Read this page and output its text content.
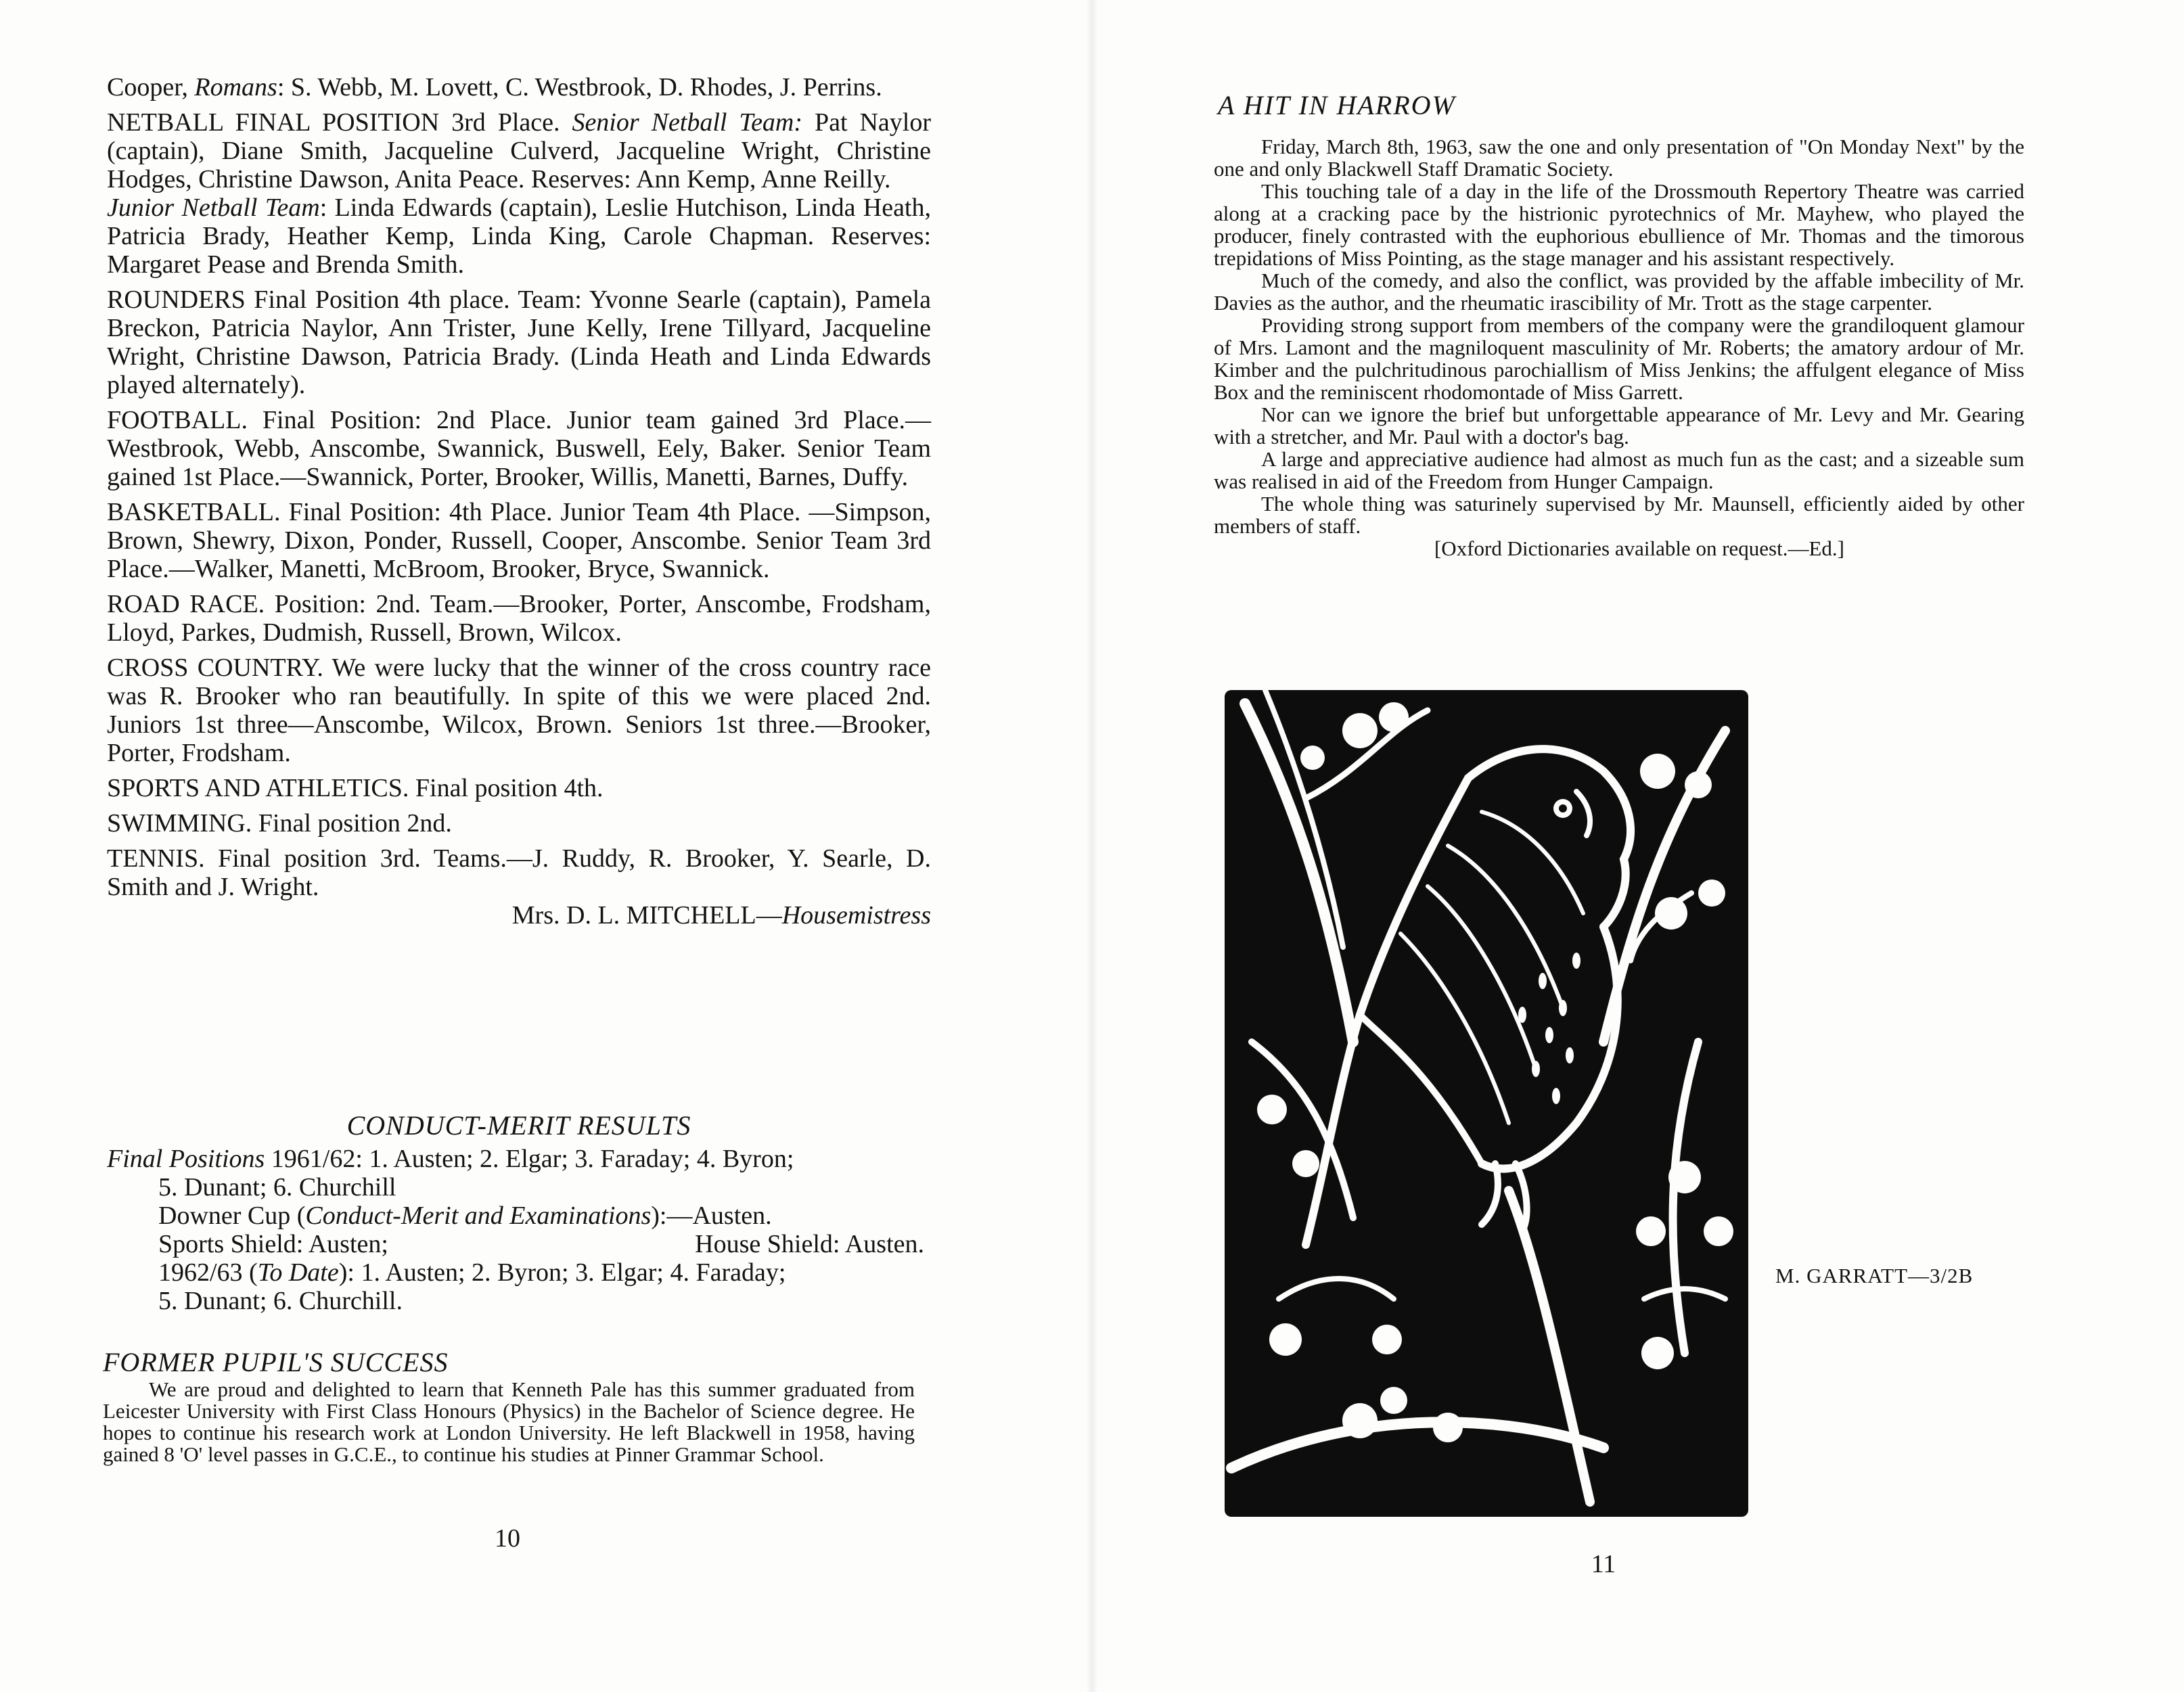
Cooper, Romans: S. Webb, M. Lovett, C. Westbrook, D. Rhodes, J. Perrins.

NETBALL FINAL POSITION 3rd Place. Senior Netball Team: Pat Naylor (captain), Diane Smith, Jacqueline Culverd, Jacqueline Wright, Christine Hodges, Christine Dawson, Anita Peace. Reserves: Ann Kemp, Anne Reilly.

Junior Netball Team: Linda Edwards (captain), Leslie Hutchison, Linda Heath, Patricia Brady, Heather Kemp, Linda King, Carole Chapman. Reserves: Margaret Pease and Brenda Smith.

ROUNDERS Final Position 4th place. Team: Yvonne Searle (captain), Pamela Breckon, Patricia Naylor, Ann Trister, June Kelly, Irene Tillyard, Jacqueline Wright, Christine Dawson, Patricia Brady. (Linda Heath and Linda Edwards played alternately).

FOOTBALL. Final Position: 2nd Place. Junior team gained 3rd Place.—Westbrook, Webb, Anscombe, Swannick, Buswell, Eely, Baker. Senior Team gained 1st Place.—Swannick, Porter, Brooker, Willis, Manetti, Barnes, Duffy.

BASKETBALL. Final Position: 4th Place. Junior Team 4th Place. —Simpson, Brown, Shewry, Dixon, Ponder, Russell, Cooper, Anscombe. Senior Team 3rd Place.—Walker, Manetti, McBroom, Brooker, Bryce, Swannick.

ROAD RACE. Position: 2nd. Team.—Brooker, Porter, Anscombe, Frodsham, Lloyd, Parkes, Dudmish, Russell, Brown, Wilcox.

CROSS COUNTRY. We were lucky that the winner of the cross country race was R. Brooker who ran beautifully. In spite of this we were placed 2nd. Juniors 1st three—Anscombe, Wilcox, Brown. Seniors 1st three.—Brooker, Porter, Frodsham.

SPORTS AND ATHLETICS. Final position 4th.

SWIMMING. Final position 2nd.

TENNIS. Final position 3rd. Teams.—J. Ruddy, R. Brooker, Y. Searle, D. Smith and J. Wright.

Mrs. D. L. MITCHELL—Housemistress
CONDUCT-MERIT RESULTS
Final Positions 1961/62: 1. Austen; 2. Elgar; 3. Faraday; 4. Byron;
5. Dunant; 6. Churchill
Downer Cup (Conduct-Merit and Examinations):—Austen.
Sports Shield: Austen;	House Shield: Austen.
1962/63 (To Date): 1. Austen; 2. Byron; 3. Elgar; 4. Faraday;
5. Dunant; 6. Churchill.
FORMER PUPIL'S SUCCESS

We are proud and delighted to learn that Kenneth Pale has this summer graduated from Leicester University with First Class Honours (Physics) in the Bachelor of Science degree. He hopes to continue his research work at London University. He left Blackwell in 1958, having gained 8 'O' level passes in G.C.E., to continue his studies at Pinner Grammar School.

10
A HIT IN HARROW

Friday, March 8th, 1963, saw the one and only presentation of "On Monday Next" by the one and only Blackwell Staff Dramatic Society.

This touching tale of a day in the life of the Drossmouth Repertory Theatre was carried along at a cracking pace by the histrionic pyrotechnics of Mr. Mayhew, who played the producer, finely contrasted with the euphorious ebullience of Mr. Thomas and the timorous trepidations of Miss Pointing, as the stage manager and his assistant respectively.

Much of the comedy, and also the conflict, was provided by the affable imbecility of Mr. Davies as the author, and the rheumatic irascibility of Mr. Trott as the stage carpenter.

Providing strong support from members of the company were the grandiloquent glamour of Mrs. Lamont and the magniloquent masculinity of Mr. Roberts; the amatory ardour of Mr. Kimber and the pulchritudinous parochiallism of Miss Jenkins; the affulgent elegance of Miss Box and the reminiscent rhodomontade of Miss Garrett.

Nor can we ignore the brief but unforgettable appearance of Mr. Levy and Mr. Gearing with a stretcher, and Mr. Paul with a doctor's bag.

A large and appreciative audience had almost as much fun as the cast; and a sizeable sum was realised in aid of the Freedom from Hunger Campaign.

The whole thing was saturinely supervised by Mr. Maunsell, efficiently aided by other members of staff.

[Oxford Dictionaries available on request.—Ed.]

M. GARRATT—3/2B
11
